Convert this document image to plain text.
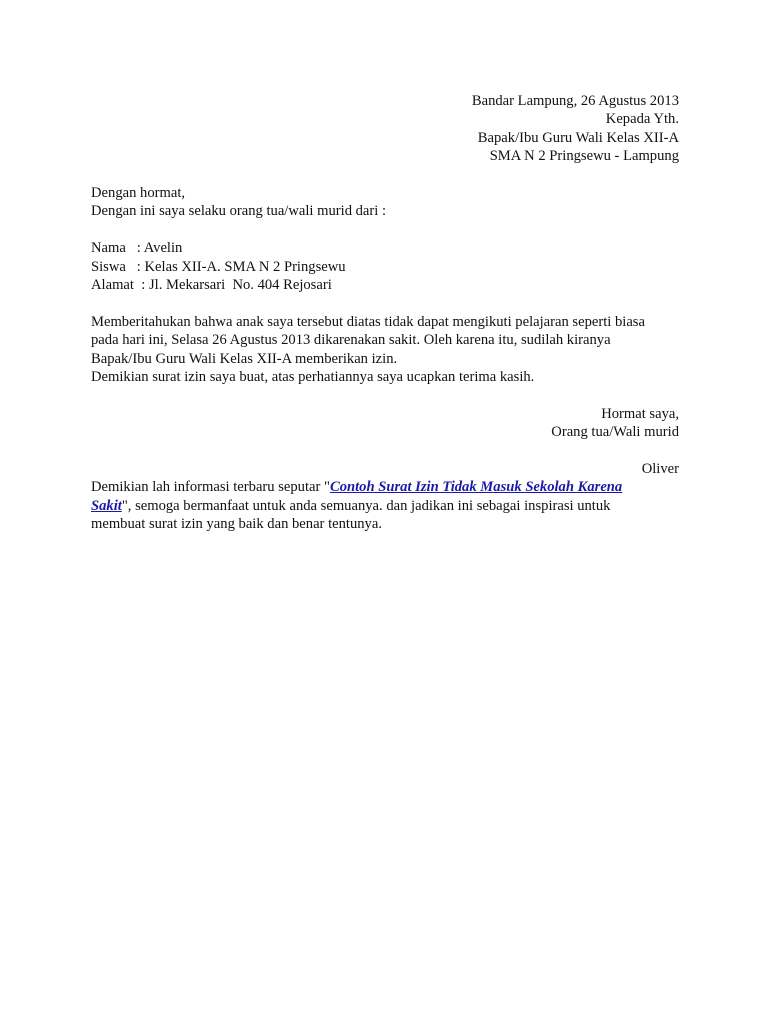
Bandar Lampung, 26 Agustus 2013
Kepada Yth.
Bapak/Ibu Guru Wali Kelas XII-A
SMA N 2 Pringsewu - Lampung
Dengan hormat,
Dengan ini saya selaku orang tua/wali murid dari :
Nama   : Avelin
Siswa   : Kelas XII-A. SMA N 2 Pringsewu
Alamat  : Jl. Mekarsari  No. 404 Rejosari
Memberitahukan bahwa anak saya tersebut diatas tidak dapat mengikuti pelajaran seperti biasa
pada hari ini, Selasa 26 Agustus 2013 dikarenakan sakit. Oleh karena itu, sudilah kiranya
Bapak/Ibu Guru Wali Kelas XII-A memberikan izin.
Demikian surat izin saya buat, atas perhatiannya saya ucapkan terima kasih.
Hormat saya,
Orang tua/Wali murid
Oliver
Demikian lah informasi terbaru seputar "Contoh Surat Izin Tidak Masuk Sekolah Karena
Sakit", semoga bermanfaat untuk anda semuanya. dan jadikan ini sebagai inspirasi untuk
membuat surat izin yang baik dan benar tentunya.
